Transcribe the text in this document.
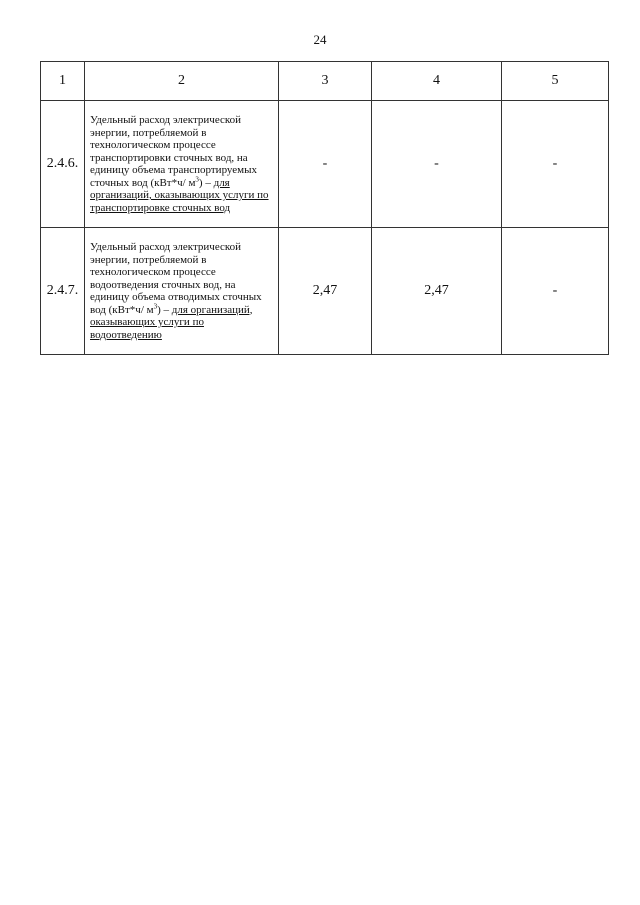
24
1	2	3	4	5
2.4.6.	Удельный расход электрической энергии, потребляемой в технологическом процессе транспортировки сточных вод, на единицу объема транспортируемых сточных вод (кВт*ч/ $м^3$) – для организаций, оказывающих услуги по транспортировке сточных вод	-	-	-
2.4.7.	Удельный расход электрической энергии, потребляемой в технологическом процессе водоотведения сточных вод, на единицу объема отводимых сточных вод (кВт*ч/ $м^3$) – для организаций, оказывающих услуги по водоотведению	2,47	2,47	-
